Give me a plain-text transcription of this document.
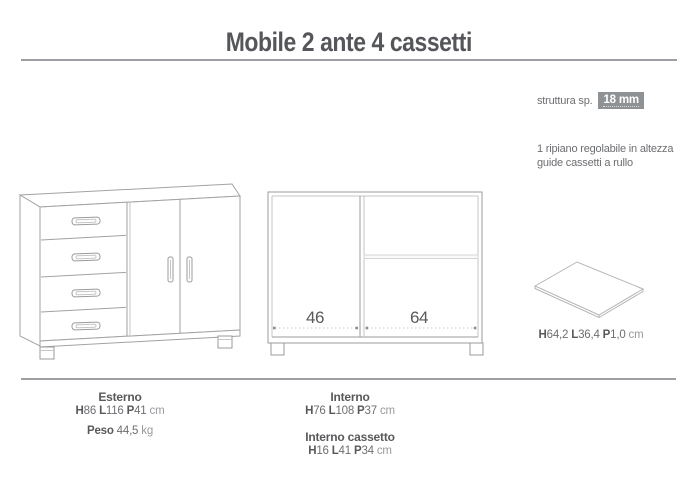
Mobile 2 ante 4 cassetti
struttura sp. 18 mm
1 ripiano regolabile in altezza
guide cassetti a rullo
46	64
H64,2 L36,4 P1,0 cm
Esterno
H86 L116 P41 cm
Peso 44,5 kg
Interno
H76 L108 P37 cm
Interno cassetto
H16 L41 P34 cm
